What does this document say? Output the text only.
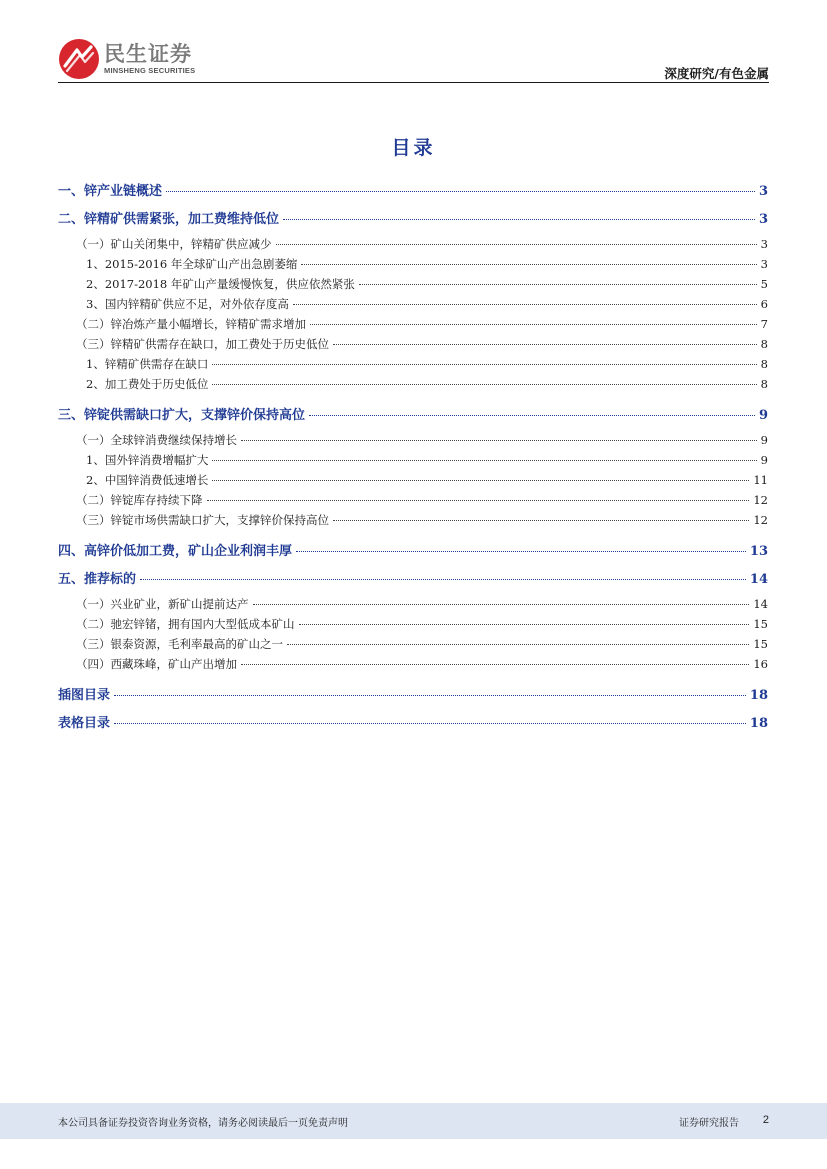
民生证券
MINSHENG SECURITIES	深度研究/有色金属
目录
一、锌产业链概述	3
二、锌精矿供需紧张，加工费维持低位	3
（一）矿山关闭集中，锌精矿供应减少	3
1、2015-2016 年全球矿山产出急剧萎缩	3
2、2017-2018 年矿山产量缓慢恢复，供应依然紧张	5
3、国内锌精矿供应不足，对外依存度高	6
（二）锌冶炼产量小幅增长，锌精矿需求增加	7
（三）锌精矿供需存在缺口，加工费处于历史低位	8
1、锌精矿供需存在缺口	8
2、加工费处于历史低位	8
三、锌锭供需缺口扩大，支撑锌价保持高位	9
（一）全球锌消费继续保持增长	9
1、国外锌消费增幅扩大	9
2、中国锌消费低速增长	11
（二）锌锭库存持续下降	12
（三）锌锭市场供需缺口扩大，支撑锌价保持高位	12
四、高锌价低加工费，矿山企业利润丰厚	13
五、推荐标的	14
（一）兴业矿业，新矿山提前达产	14
（二）驰宏锌锗，拥有国内大型低成本矿山	15
（三）银泰资源，毛利率最高的矿山之一	15
（四）西藏珠峰，矿山产出增加	16
插图目录	18
表格目录	18
本公司具备证券投资咨询业务资格，请务必阅读最后一页免责声明	证券研究报告 2
